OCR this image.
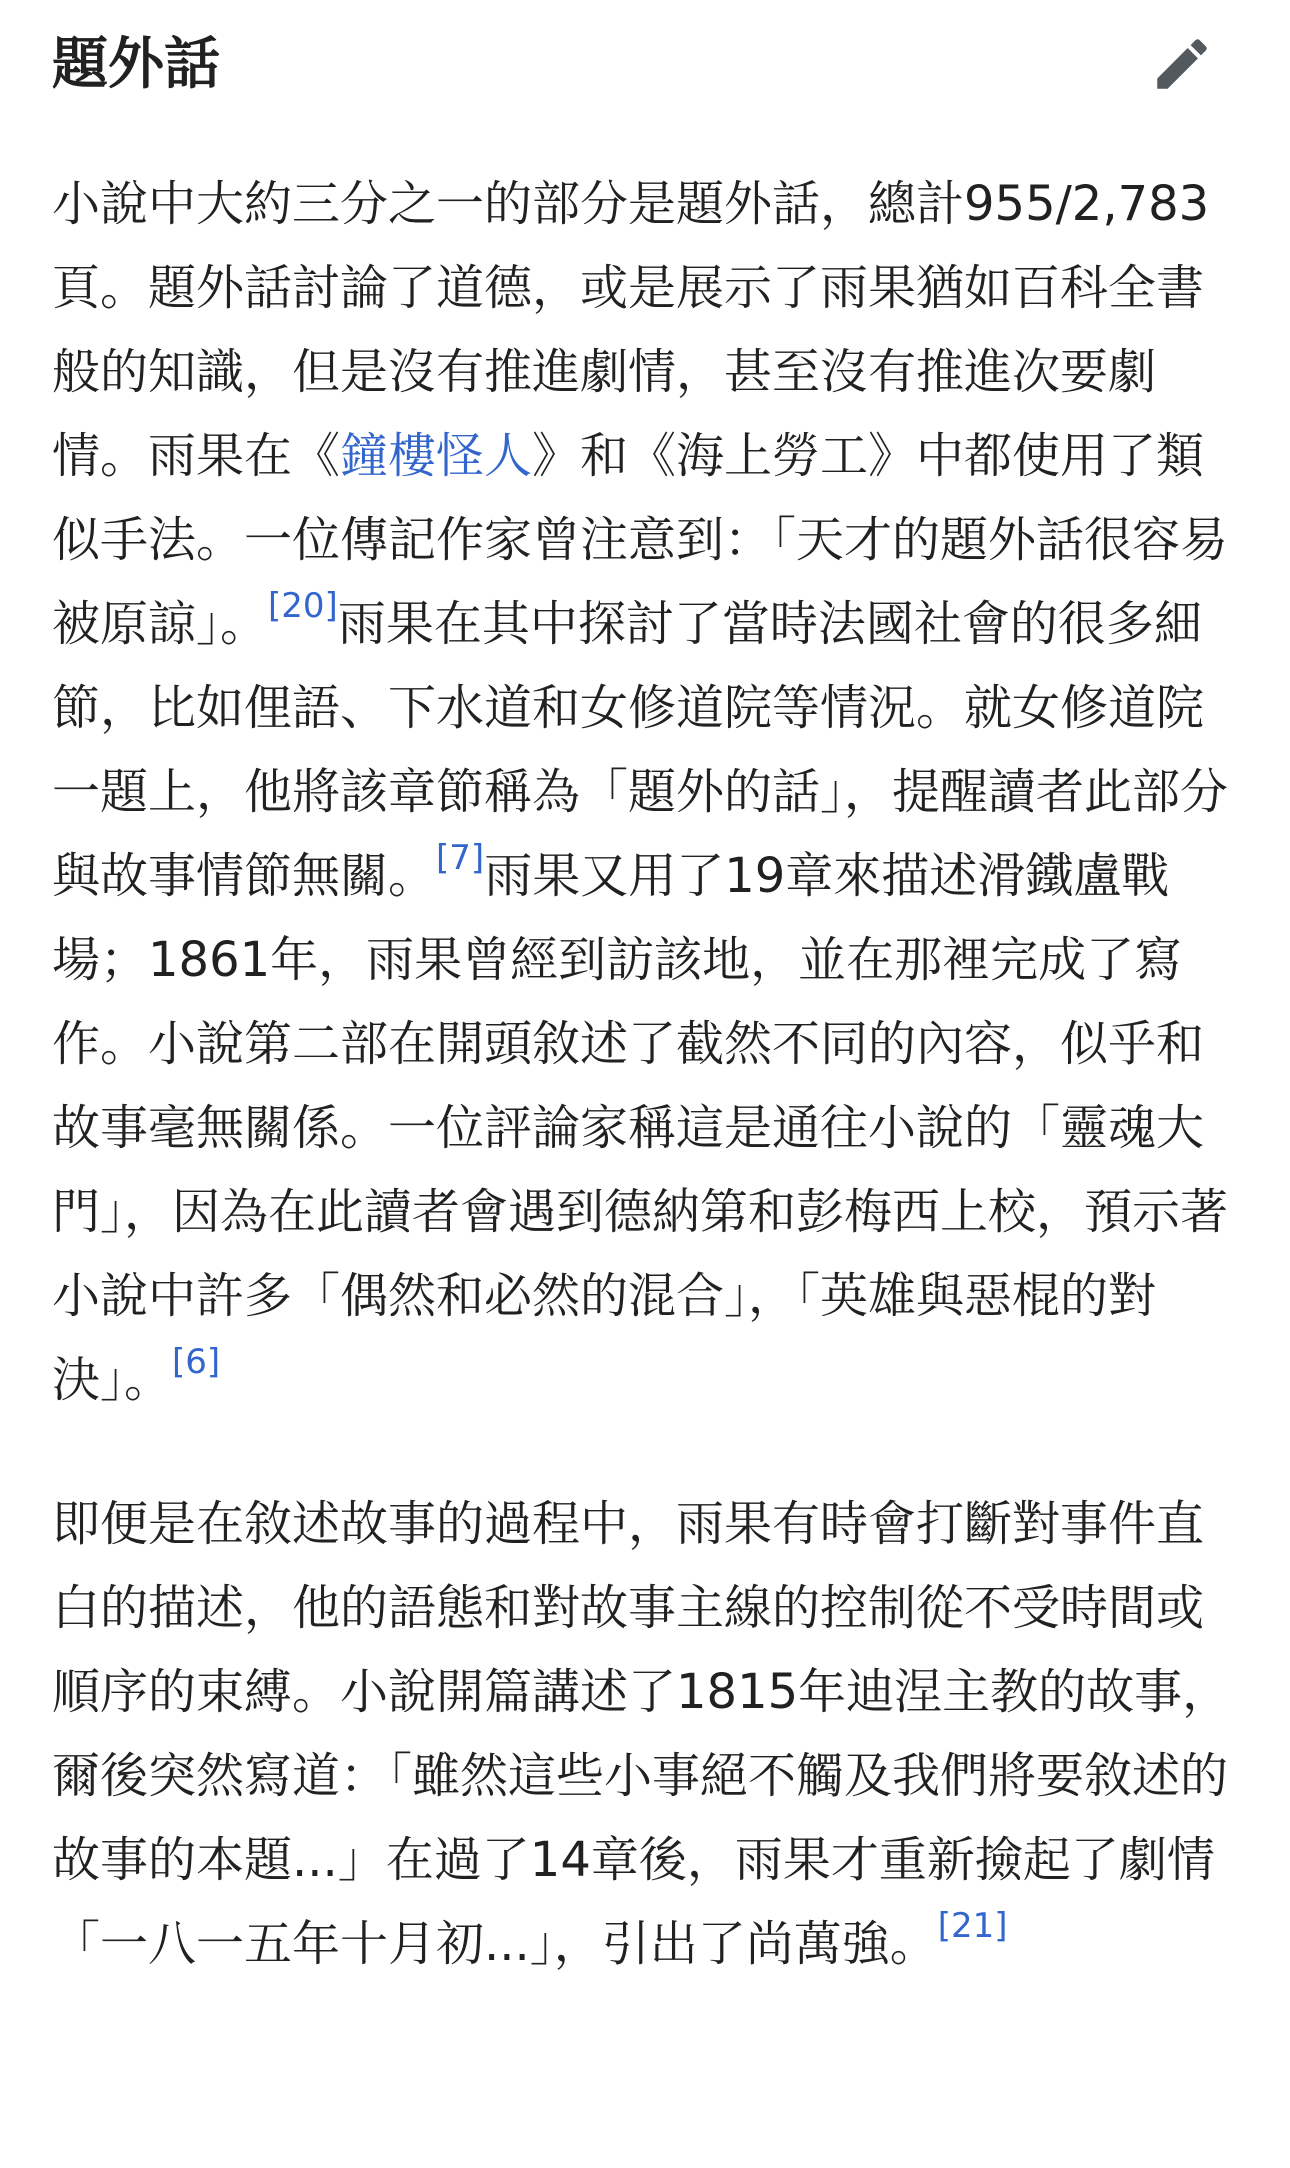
題外話

小說中大約三分之一的部分是題外話，總計955/2,783頁。題外話討論了道德，或是展示了雨果猶如百科全書般的知識，但是沒有推進劇情，甚至沒有推進次要劇情。雨果在《鐘樓怪人》和《海上勞工》中都使用了類似手法。一位傳記作家曾注意到：「天才的題外話很容易被原諒」。[20]雨果在其中探討了當時法國社會的很多細節，比如俚語、下水道和女修道院等情況。就女修道院一題上，他將該章節稱為「題外的話」，提醒讀者此部分與故事情節無關。[7]雨果又用了19章來描述滑鐵盧戰場；1861年，雨果曾經到訪該地，並在那裡完成了寫作。小說第二部在開頭敘述了截然不同的內容，似乎和故事毫無關係。一位評論家稱這是通往小說的「靈魂大門」，因為在此讀者會遇到德納第和彭梅西上校，預示著小說中許多「偶然和必然的混合」，「英雄與惡棍的對決」。[6]

即便是在敘述故事的過程中，雨果有時會打斷對事件直白的描述，他的語態和對故事主線的控制從不受時間或順序的束縛。小說開篇講述了1815年迪涅主教的故事，爾後突然寫道：「雖然這些小事絕不觸及我們將要敘述的故事的本題...」在過了14章後，雨果才重新撿起了劇情「一八一五年十月初...」，引出了尚萬強。[21]
